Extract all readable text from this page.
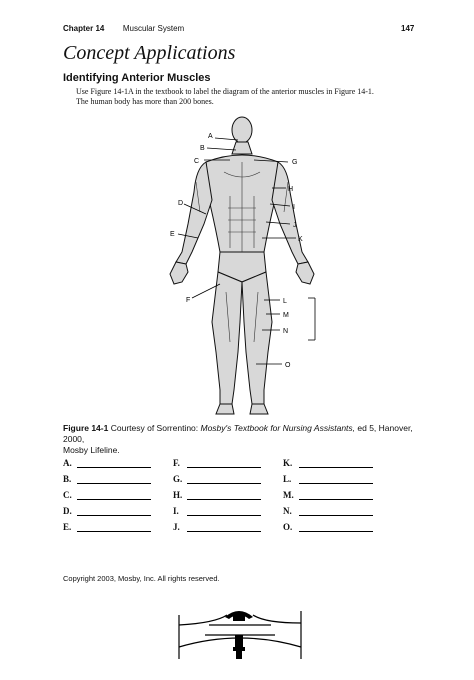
Chapter 14 Muscular System	147
Concept Applications
Identifying Anterior Muscles
Use Figure 14-1A in the textbook to label the diagram of the anterior muscles in Figure 14-1.
The human body has more than 200 bones.
A
B
C
D
E
F
G
H
I
J
K
L
M
N
O
Figure 14-1 Courtesy of Sorrentino: Mosby's Textbook for Nursing Assistants, ed 5, Hanover, 2000,
Mosby Lifeline.
A.
B.
C.
D.
E.
F.
G.
H.
I.
J.
K.
L.
M.
N.
O.
Copyright 2003, Mosby, Inc. All rights reserved.
